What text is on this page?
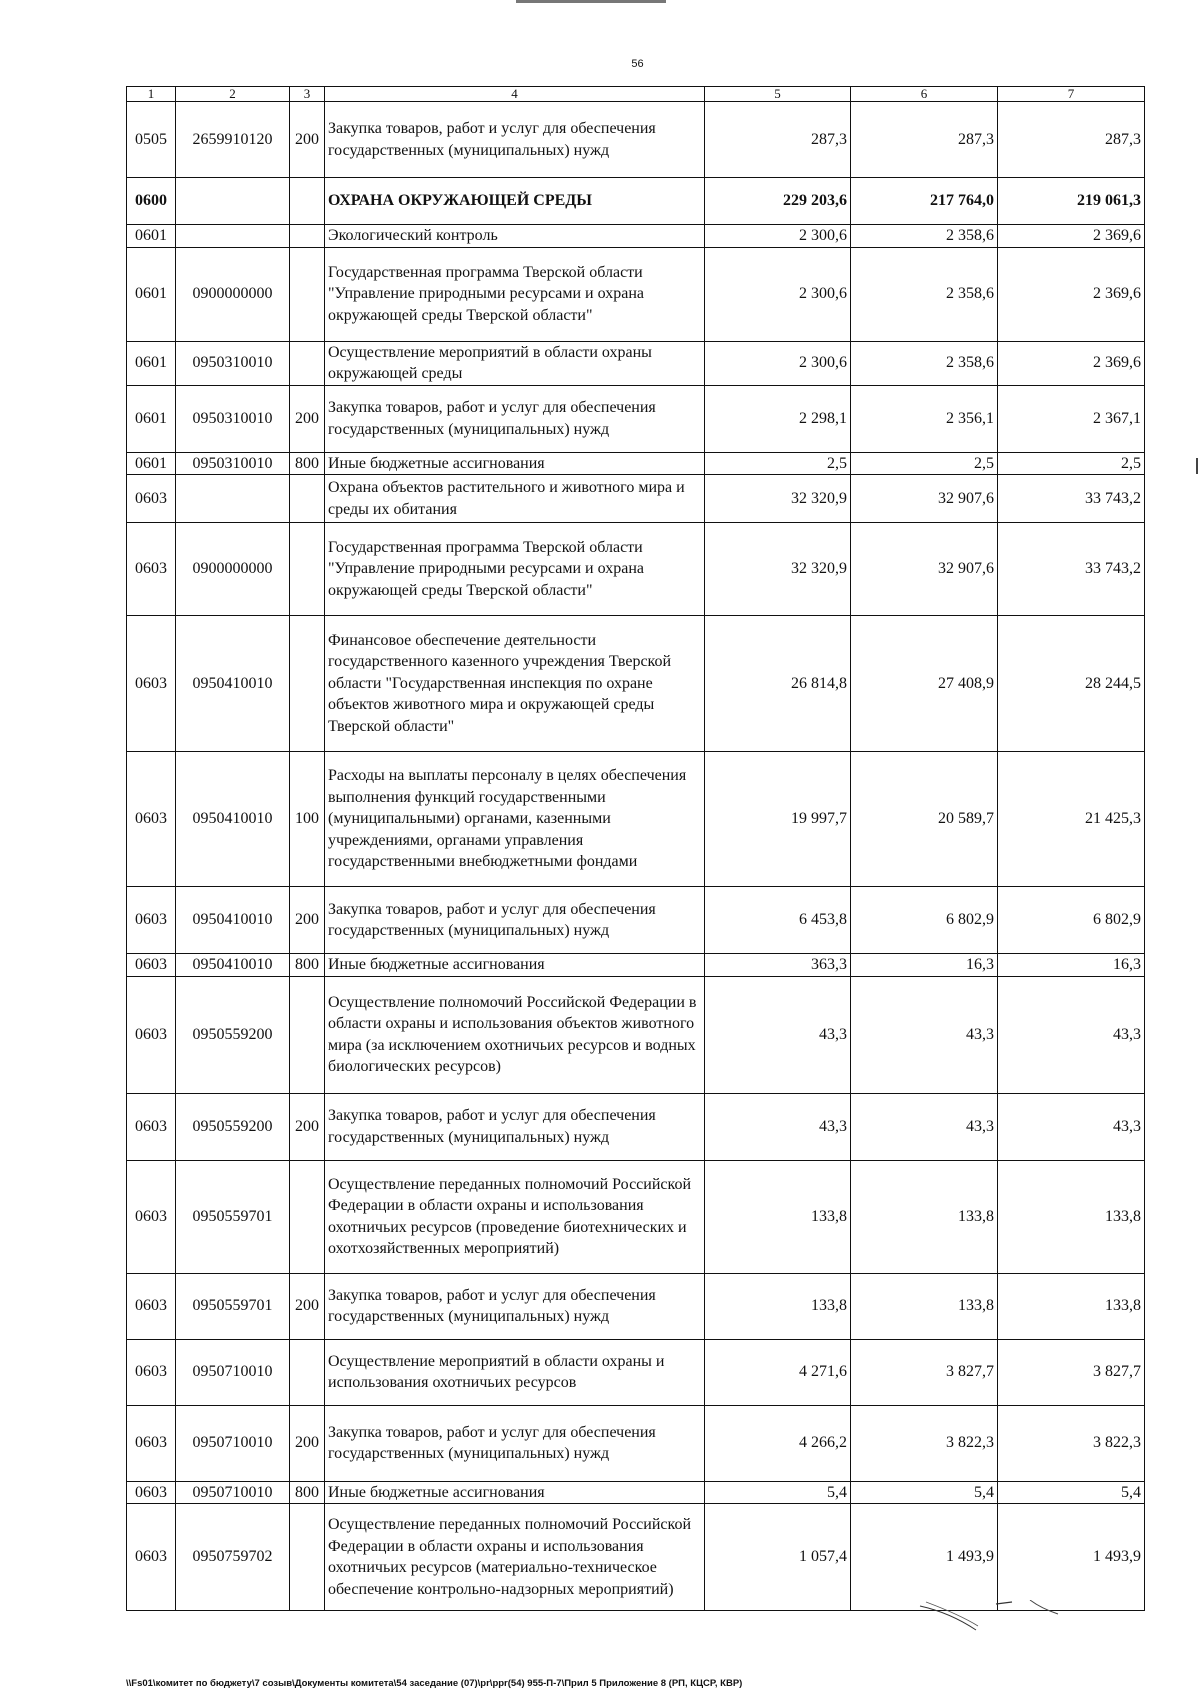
56
1	2	3	4	5	6	7
0505	2659910120	200	Закупка товаров, работ и услуг для обеспечения государственных (муниципальных) нужд	287,3	287,3	287,3
0600			ОХРАНА ОКРУЖАЮЩЕЙ СРЕДЫ	229 203,6	217 764,0	219 061,3
0601			Экологический контроль	2 300,6	2 358,6	2 369,6
0601	0900000000		Государственная программа Тверской области "Управление природными ресурсами и охрана окружающей среды Тверской области"	2 300,6	2 358,6	2 369,6
0601	0950310010		Осуществление мероприятий в области охраны окружающей среды	2 300,6	2 358,6	2 369,6
0601	0950310010	200	Закупка товаров, работ и услуг для обеспечения государственных (муниципальных) нужд	2 298,1	2 356,1	2 367,1
0601	0950310010	800	Иные бюджетные ассигнования	2,5	2,5	2,5
0603			Охрана объектов растительного и животного мира и среды их обитания	32 320,9	32 907,6	33 743,2
0603	0900000000		Государственная программа Тверской области "Управление природными ресурсами и охрана окружающей среды Тверской области"	32 320,9	32 907,6	33 743,2
0603	0950410010		Финансовое обеспечение деятельности государственного казенного учреждения Тверской области "Государственная инспекция по охране объектов животного мира и окружающей среды Тверской области"	26 814,8	27 408,9	28 244,5
0603	0950410010	100	Расходы на выплаты персоналу в целях обеспечения выполнения функций государственными (муниципальными) органами, казенными учреждениями, органами управления государственными внебюджетными фондами	19 997,7	20 589,7	21 425,3
0603	0950410010	200	Закупка товаров, работ и услуг для обеспечения государственных (муниципальных) нужд	6 453,8	6 802,9	6 802,9
0603	0950410010	800	Иные бюджетные ассигнования	363,3	16,3	16,3
0603	0950559200		Осуществление полномочий Российской Федерации в области охраны и использования объектов животного мира (за исключением охотничьих ресурсов и водных биологических ресурсов)	43,3	43,3	43,3
0603	0950559200	200	Закупка товаров, работ и услуг для обеспечения государственных (муниципальных) нужд	43,3	43,3	43,3
0603	0950559701		Осуществление переданных полномочий Российской Федерации в области охраны и использования охотничьих ресурсов (проведение биотехнических и охотхозяйственных мероприятий)	133,8	133,8	133,8
0603	0950559701	200	Закупка товаров, работ и услуг для обеспечения государственных (муниципальных) нужд	133,8	133,8	133,8
0603	0950710010		Осуществление мероприятий в области охраны и использования охотничьих ресурсов	4 271,6	3 827,7	3 827,7
0603	0950710010	200	Закупка товаров, работ и услуг для обеспечения государственных (муниципальных) нужд	4 266,2	3 822,3	3 822,3
0603	0950710010	800	Иные бюджетные ассигнования	5,4	5,4	5,4
0603	0950759702		Осуществление переданных полномочий Российской Федерации в области охраны и использования охотничьих ресурсов (материально-техническое обеспечение контрольно-надзорных мероприятий)	1 057,4	1 493,9	1 493,9
\\Fs01\комитет по бюджету\7 созыв\Документы комитета\54 заседание (07)\pr\ppr(54) 955-П-7\Прил 5 Приложение 8 (РП, КЦСР, КВР)
